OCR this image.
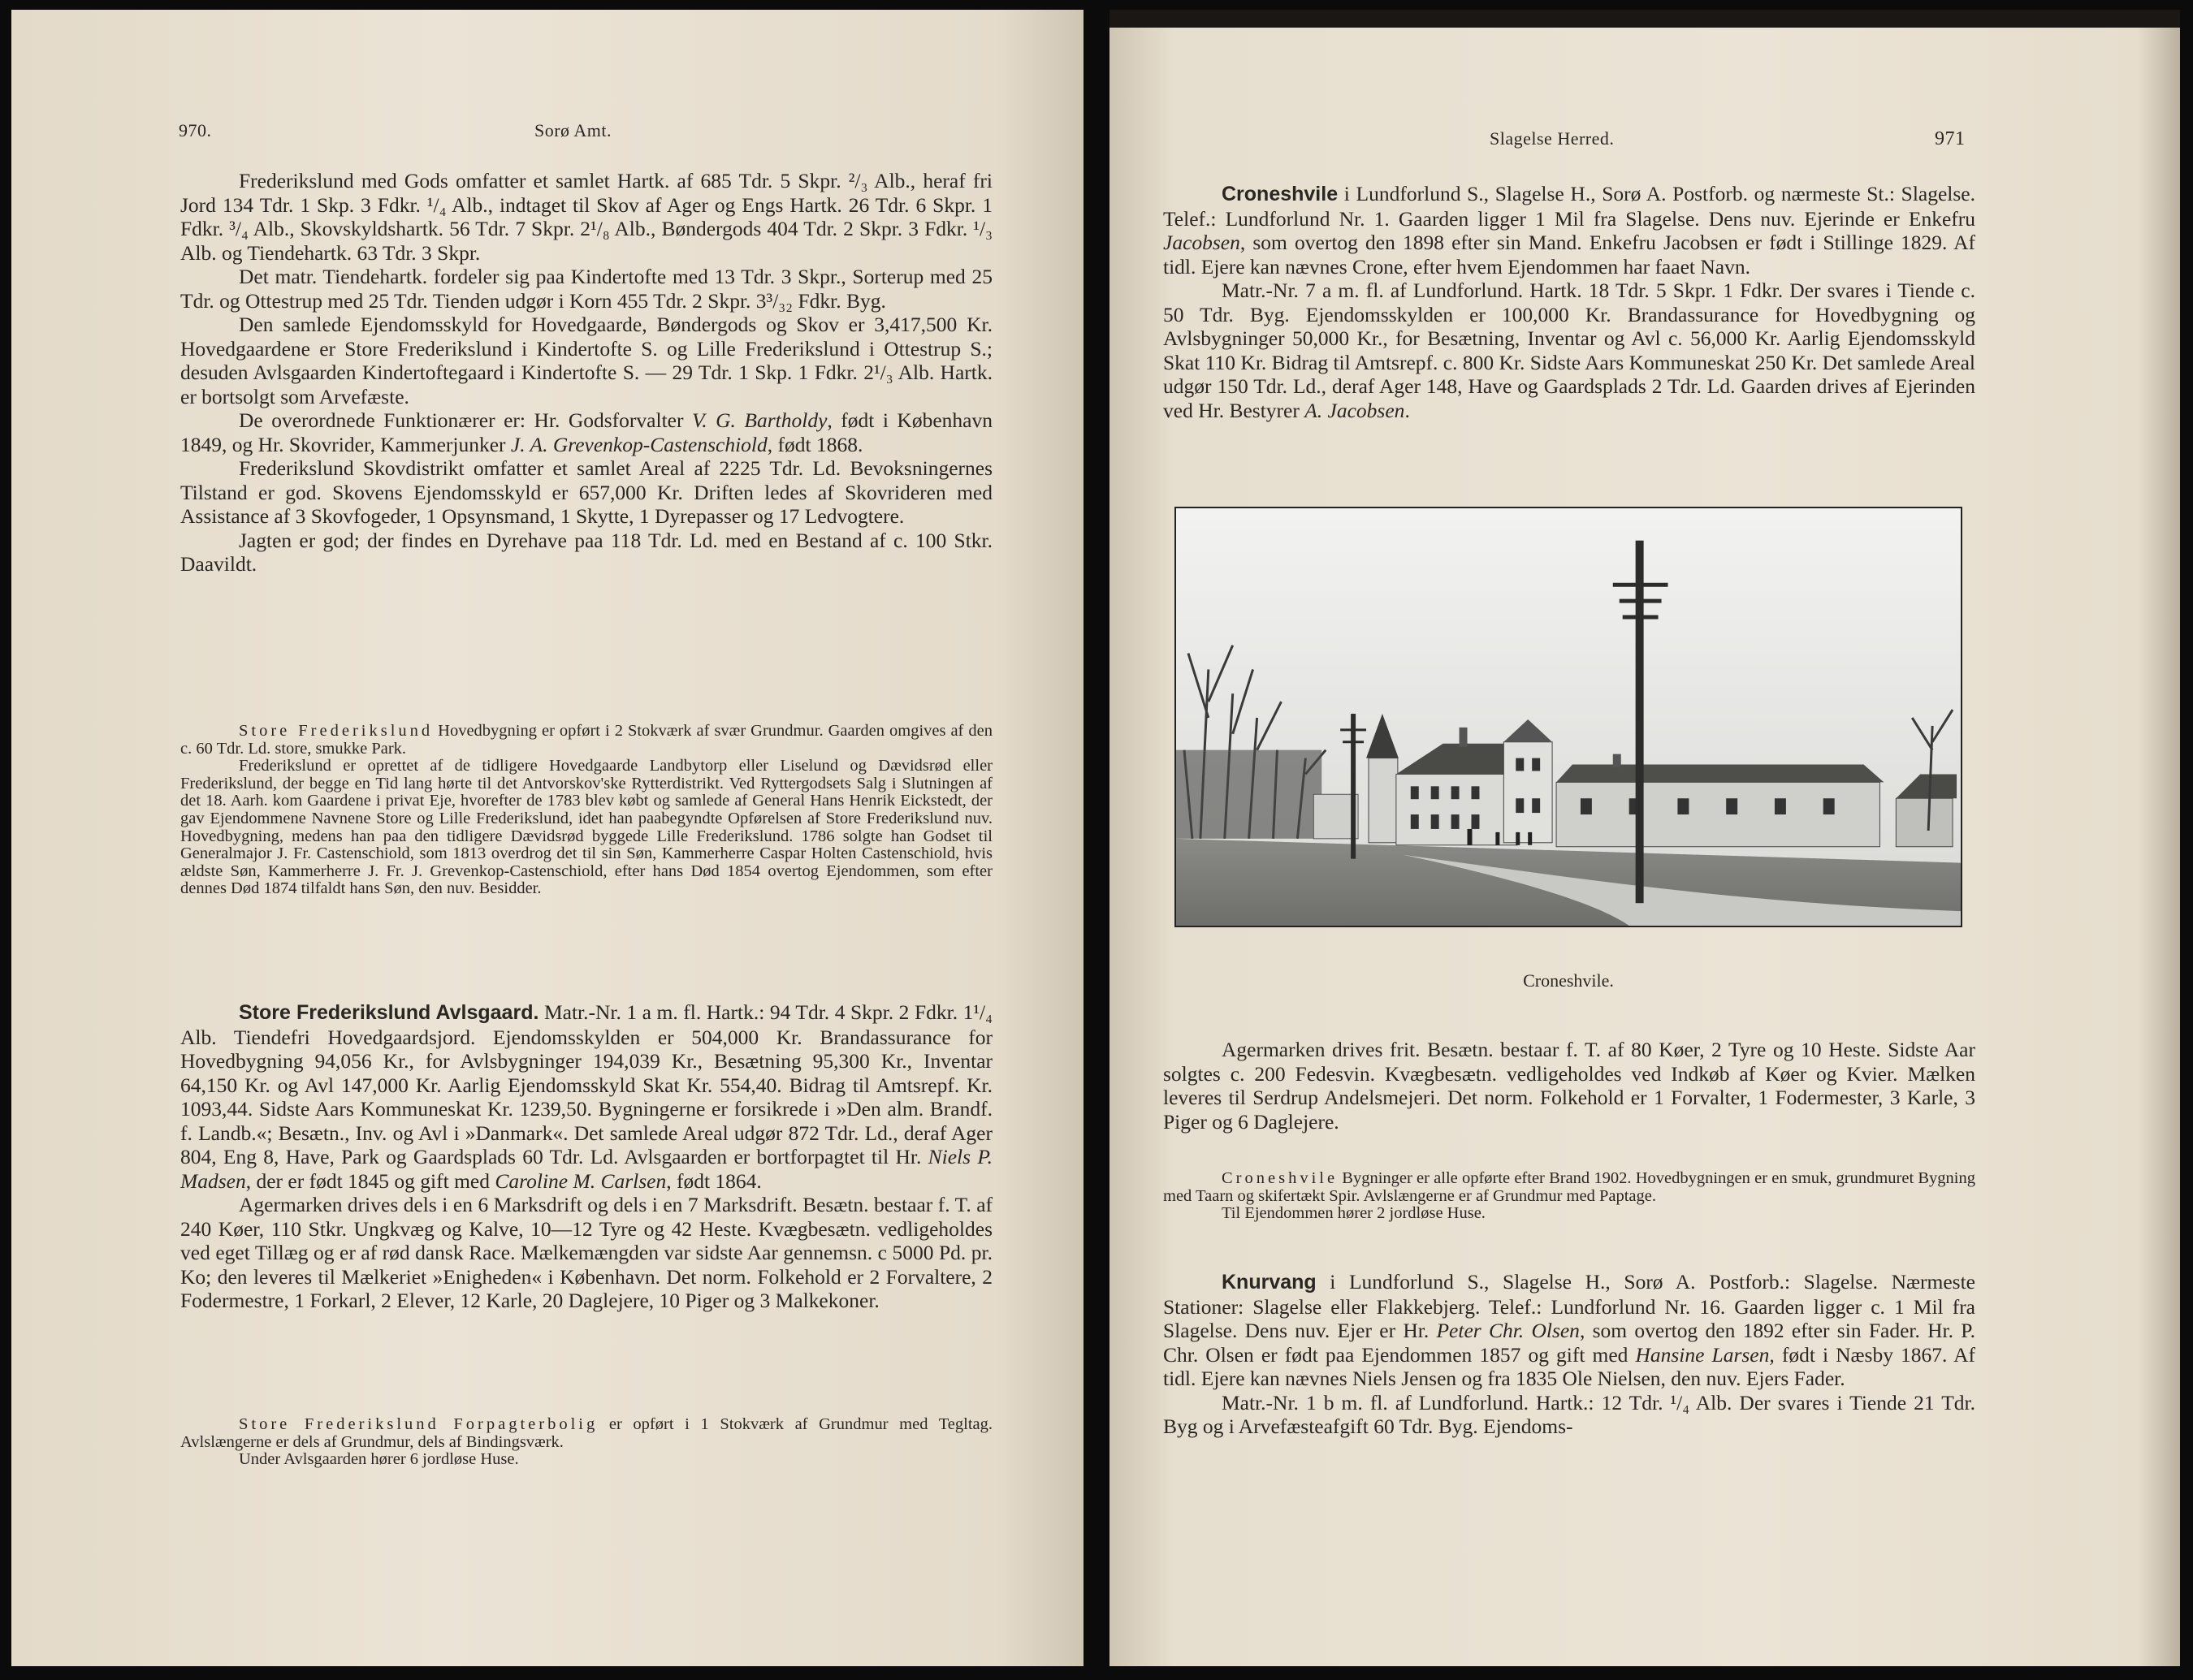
970.	Sorø Amt.

Frederikslund med Gods omfatter et samlet Hartk. af 685 Tdr. 5 Skpr. ²/₃ Alb., heraf fri Jord 134 Tdr. 1 Skp. 3 Fdkr. ¹/₄ Alb., indtaget til Skov af Ager og Engs Hartk. 26 Tdr. 6 Skpr. 1 Fdkr. ³/₄ Alb., Skovskyldshartk. 56 Tdr. 7 Skpr. 2¹/₈ Alb., Bøndergods 404 Tdr. 2 Skpr. 3 Fdkr. ¹/₃ Alb. og Tiendehartk. 63 Tdr. 3 Skpr.

Det matr. Tiendehartk. fordeler sig paa Kindertofte med 13 Tdr. 3 Skpr., Sorterup med 25 Tdr. og Ottestrup med 25 Tdr. Tienden udgør i Korn 455 Tdr. 2 Skpr. 3³/₃₂ Fdkr. Byg.

Den samlede Ejendomsskyld for Hovedgaarde, Bøndergods og Skov er 3,417,500 Kr. Hovedgaardene er Store Frederikslund i Kindertofte S. og Lille Frederikslund i Ottestrup S.; desuden Avlsgaarden Kindertoftegaard i Kindertofte S. — 29 Tdr. 1 Skp. 1 Fdkr. 2¹/₃ Alb. Hartk. er bortsolgt som Arvefæste.

De overordnede Funktionærer er: Hr. Godsforvalter V. G. Bartholdy, født i København 1849, og Hr. Skovrider, Kammerjunker J. A. Grevenkop-Castenschiold, født 1868.

Frederikslund Skovdistrikt omfatter et samlet Areal af 2225 Tdr. Ld. Bevoksningernes Tilstand er god. Skovens Ejendomsskyld er 657,000 Kr. Driften ledes af Skovrideren med Assistance af 3 Skovfogeder, 1 Opsynsmand, 1 Skytte, 1 Dyrepasser og 17 Ledvogtere.

Jagten er god; der findes en Dyrehave paa 118 Tdr. Ld. med en Bestand af c. 100 Stkr. Daavildt.

Store Frederikslund Hovedbygning er opført i 2 Stokværk af svær Grundmur. Gaarden omgives af den c. 60 Tdr. Ld. store, smukke Park.

Frederikslund er oprettet af de tidligere Hovedgaarde Landbytorp eller Liselund og Dævidsrød eller Frederikslund, der begge en Tid lang hørte til det Antvorskov'ske Rytterdistrikt. Ved Ryttergodsets Salg i Slutningen af det 18. Aarh. kom Gaardene i privat Eje, hvorefter de 1783 blev købt og samlede af General Hans Henrik Eickstedt, der gav Ejendommene Navnene Store og Lille Frederikslund, idet han paabegyndte Opførelsen af Store Frederikslund nuv. Hovedbygning, medens han paa den tidligere Dævidsrød byggede Lille Frederikslund. 1786 solgte han Godset til Generalmajor J. Fr. Castenschiold, som 1813 overdrog det til sin Søn, Kammerherre Caspar Holten Castenschiold, hvis ældste Søn, Kammerherre J. Fr. J. Grevenkop-Castenschiold, efter hans Død 1854 overtog Ejendommen, som efter dennes Død 1874 tilfaldt hans Søn, den nuv. Besidder.

Store Frederikslund Avlsgaard. Matr.-Nr. 1 a m. fl. Hartk.: 94 Tdr. 4 Skpr. 2 Fdkr. 1¹/₄ Alb. Tiendefri Hovedgaardsjord. Ejendomsskylden er 504,000 Kr. Brandassurance for Hovedbygning 94,056 Kr., for Avlsbygninger 194,039 Kr., Besætning 95,300 Kr., Inventar 64,150 Kr. og Avl 147,000 Kr. Aarlig Ejendomsskyld Skat Kr. 554,40. Bidrag til Amtsrepf. Kr. 1093,44. Sidste Aars Kommuneskat Kr. 1239,50. Bygningerne er forsikrede i »Den alm. Brandf. f. Landb.«; Besætn., Inv. og Avl i »Danmark«. Det samlede Areal udgør 872 Tdr. Ld., deraf Ager 804, Eng 8, Have, Park og Gaardsplads 60 Tdr. Ld. Avlsgaarden er bortforpagtet til Hr. Niels P. Madsen, der er født 1845 og gift med Caroline M. Carlsen, født 1864.

Agermarken drives dels i en 6 Marksdrift og dels i en 7 Marksdrift. Besætn. bestaar f. T. af 240 Køer, 110 Stkr. Ungkvæg og Kalve, 10—12 Tyre og 42 Heste. Kvægbesætn. vedligeholdes ved eget Tillæg og er af rød dansk Race. Mælkemængden var sidste Aar gennemsn. c 5000 Pd. pr. Ko; den leveres til Mælkeriet »Enigheden« i København. Det norm. Folkehold er 2 Forvaltere, 2 Fodermestre, 1 Forkarl, 2 Elever, 12 Karle, 20 Daglejere, 10 Piger og 3 Malkekoner.

Store Frederikslund Forpagterbolig er opført i 1 Stokværk af Grundmur med Tegltag. Avlslængerne er dels af Grundmur, dels af Bindingsværk.

Under Avlsgaarden hører 6 jordløse Huse.

Slagelse Herred.	971

Croneshvile i Lundforlund S., Slagelse H., Sorø A. Postforb. og nærmeste St.: Slagelse. Telef.: Lundforlund Nr. 1. Gaarden ligger 1 Mil fra Slagelse. Dens nuv. Ejerinde er Enkefru Jacobsen, som overtog den 1898 efter sin Mand. Enkefru Jacobsen er født i Stillinge 1829. Af tidl. Ejere kan nævnes Crone, efter hvem Ejendommen har faaet Navn.

Matr.-Nr. 7 a m. fl. af Lundforlund. Hartk. 18 Tdr. 5 Skpr. 1 Fdkr. Der svares i Tiende c. 50 Tdr. Byg. Ejendomsskylden er 100,000 Kr. Brandassurance for Hovedbygning og Avlsbygninger 50,000 Kr., for Besætning, Inventar og Avl c. 56,000 Kr. Aarlig Ejendomsskyld Skat 110 Kr. Bidrag til Amtsrepf. c. 800 Kr. Sidste Aars Kommuneskat 250 Kr. Det samlede Areal udgør 150 Tdr. Ld., deraf Ager 148, Have og Gaardsplads 2 Tdr. Ld. Gaarden drives af Ejerinden ved Hr. Bestyrer A. Jacobsen.

Croneshvile.

Agermarken drives frit. Besætn. bestaar f. T. af 80 Køer, 2 Tyre og 10 Heste. Sidste Aar solgtes c. 200 Fedesvin. Kvægbesætn. vedligeholdes ved Indkøb af Køer og Kvier. Mælken leveres til Serdrup Andelsmejeri. Det norm. Folkehold er 1 Forvalter, 1 Fodermester, 3 Karle, 3 Piger og 6 Daglejere.

Croneshvile Bygninger er alle opførte efter Brand 1902. Hovedbygningen er en smuk, grundmuret Bygning med Taarn og skifertækt Spir. Avlslængerne er af Grundmur med Paptage.

Til Ejendommen hører 2 jordløse Huse.

Knurvang i Lundforlund S., Slagelse H., Sorø A. Postforb.: Slagelse. Nærmeste Stationer: Slagelse eller Flakkebjerg. Telef.: Lundforlund Nr. 16. Gaarden ligger c. 1 Mil fra Slagelse. Dens nuv. Ejer er Hr. Peter Chr. Olsen, som overtog den 1892 efter sin Fader. Hr. P. Chr. Olsen er født paa Ejendommen 1857 og gift med Hansine Larsen, født i Næsby 1867. Af tidl. Ejere kan nævnes Niels Jensen og fra 1835 Ole Nielsen, den nuv. Ejers Fader.

Matr.-Nr. 1 b m. fl. af Lundforlund. Hartk.: 12 Tdr. ¹/₄ Alb. Der svares i Tiende 21 Tdr. Byg og i Arvefæsteafgift 60 Tdr. Byg. Ejendoms-
